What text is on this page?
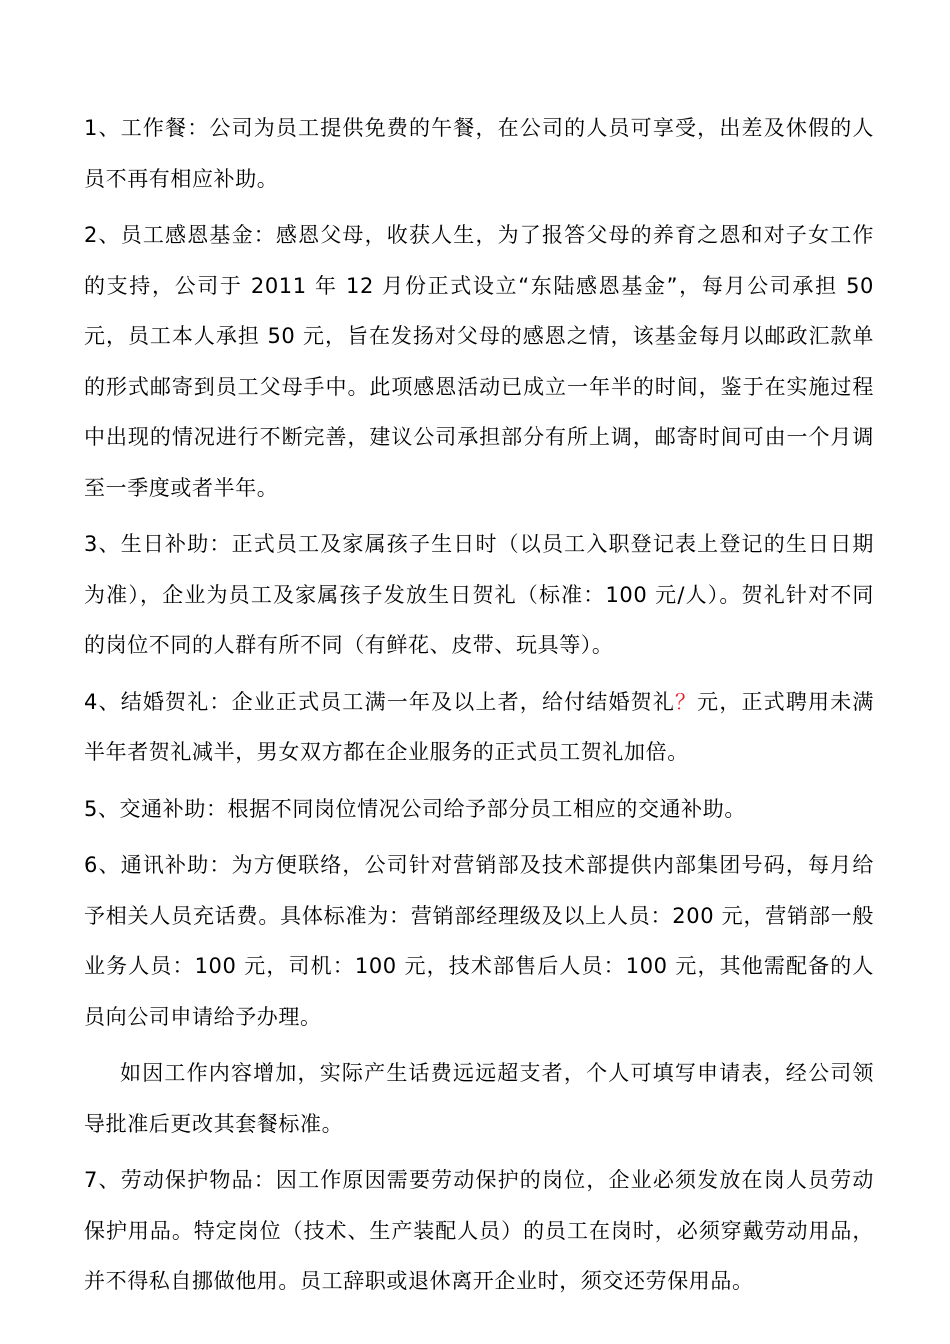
1、工作餐：公司为员工提供免费的午餐，在公司的人员可享受，出差及休假的人员不再有相应补助。

2、员工感恩基金：感恩父母，收获人生，为了报答父母的养育之恩和对子女工作的支持，公司于 2011 年 12 月份正式设立“东陆感恩基金”，每月公司承担 50 元，员工本人承担 50 元，旨在发扬对父母的感恩之情，该基金每月以邮政汇款单的形式邮寄到员工父母手中。此项感恩活动已成立一年半的时间，鉴于在实施过程中出现的情况进行不断完善，建议公司承担部分有所上调，邮寄时间可由一个月调至一季度或者半年。

3、生日补助：正式员工及家属孩子生日时（以员工入职登记表上登记的生日日期为准），企业为员工及家属孩子发放生日贺礼（标准：100 元/人）。贺礼针对不同的岗位不同的人群有所不同（有鲜花、皮带、玩具等）。

4、结婚贺礼：企业正式员工满一年及以上者，给付结婚贺礼？元，正式聘用未满半年者贺礼减半，男女双方都在企业服务的正式员工贺礼加倍。

5、交通补助：根据不同岗位情况公司给予部分员工相应的交通补助。

6、通讯补助：为方便联络，公司针对营销部及技术部提供内部集团号码，每月给予相关人员充话费。具体标准为：营销部经理级及以上人员：200 元，营销部一般业务人员：100 元，司机：100 元，技术部售后人员：100 元，其他需配备的人员向公司申请给予办理。

如因工作内容增加，实际产生话费远远超支者，个人可填写申请表，经公司领导批准后更改其套餐标准。

7、劳动保护物品：因工作原因需要劳动保护的岗位，企业必须发放在岗人员劳动保护用品。特定岗位（技术、生产装配人员）的员工在岗时，必须穿戴劳动用品，并不得私自挪做他用。员工辞职或退休离开企业时，须交还劳保用品。
